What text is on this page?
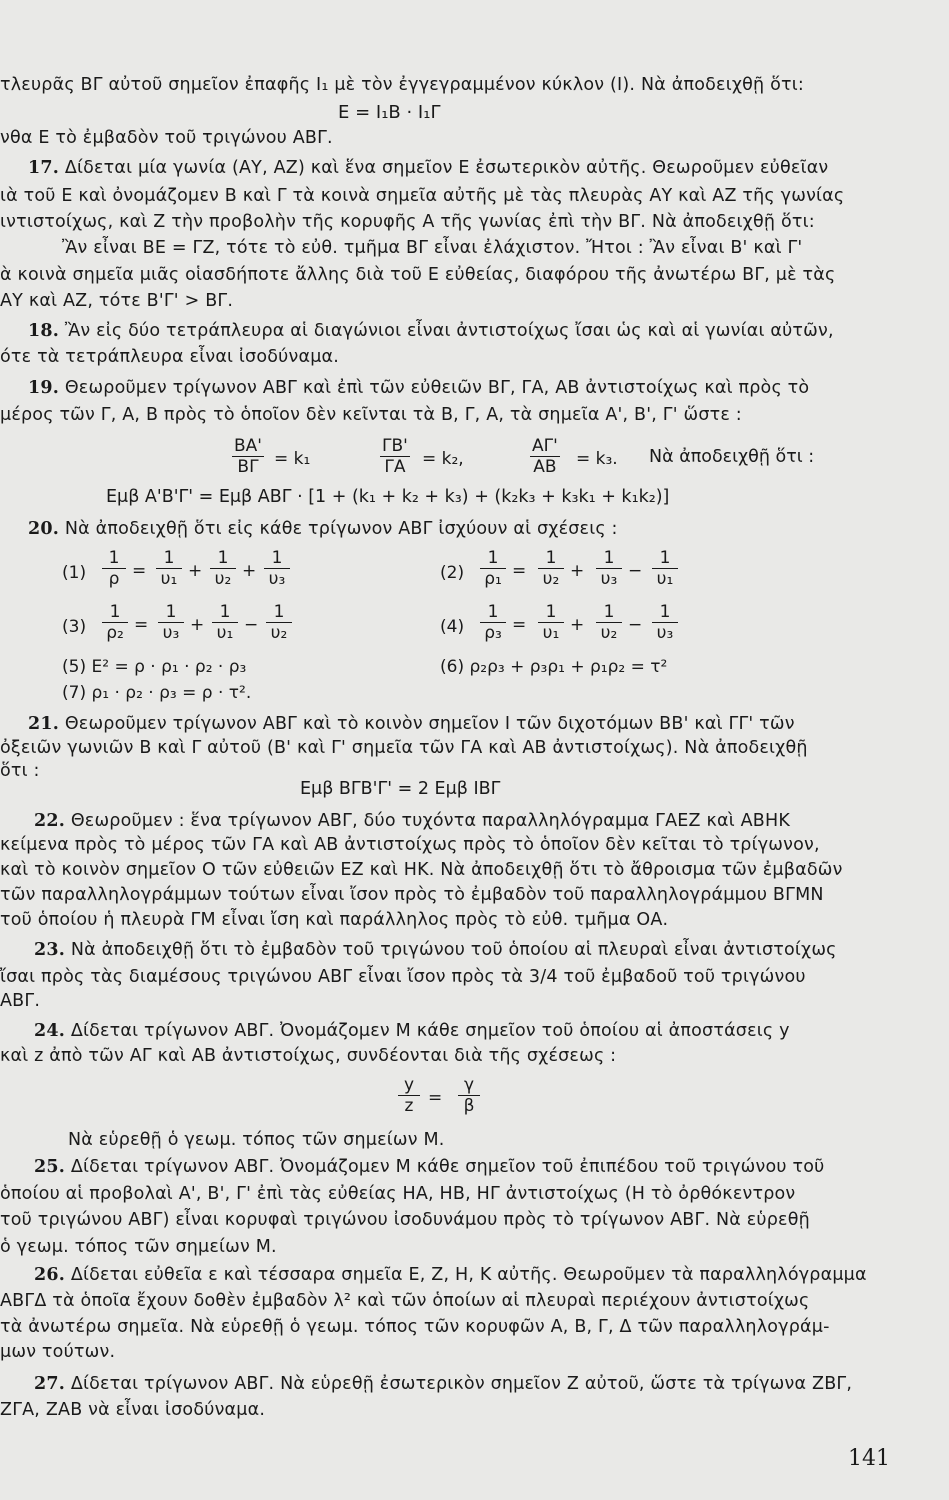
τλευρᾶς ΒΓ αὐτοῦ σημεῖον ἐπαφῆς Ι₁ μὲ τὸν ἐγγεγραμμένον κύκλον (Ι). Νὰ ἀποδειχθῇ ὅτι:
E = Ι₁Β · Ι₁Γ
νθα Ε τὸ ἐμβαδὸν τοῦ τριγώνου ΑΒΓ.
17. Δίδεται μία γωνία (ΑΥ, ΑΖ) καὶ ἕνα σημεῖον Ε ἐσωτερικὸν αὐτῆς. Θεωροῦμεν εὐθεῖαν
ιὰ τοῦ Ε καὶ ὀνομάζομεν Β καὶ Γ τὰ κοινὰ σημεῖα αὐτῆς μὲ τὰς πλευρὰς ΑΥ καὶ ΑΖ τῆς γωνίας
ιντιστοίχως, καὶ Ζ τὴν προβολὴν τῆς κορυφῆς Α τῆς γωνίας ἐπὶ τὴν ΒΓ. Νὰ ἀποδειχθῇ ὅτι:
Ἂν εἶναι ΒΕ = ΓΖ, τότε τὸ εὐθ. τμῆμα ΒΓ εἶναι ἐλάχιστον. Ἤτοι : Ἂν εἶναι Β' καὶ Γ'
ὰ κοινὰ σημεῖα μιᾶς οἱασδήποτε ἄλλης διὰ τοῦ Ε εὐθείας, διαφόρου τῆς ἀνωτέρω ΒΓ, μὲ τὰς
ΑΥ καὶ ΑΖ, τότε Β'Γ' > ΒΓ.
18. Ἂν εἰς δύο τετράπλευρα αἱ διαγώνιοι εἶναι ἀντιστοίχως ἴσαι ὡς καὶ αἱ γωνίαι αὐτῶν,
ότε τὰ τετράπλευρα εἶναι ἰσοδύναμα.
19. Θεωροῦμεν τρίγωνον ΑΒΓ καὶ ἐπὶ τῶν εὐθειῶν ΒΓ, ΓΑ, ΑΒ ἀντιστοίχως καὶ πρὸς τὸ
μέρος τῶν Γ, Α, Β πρὸς τὸ ὁποῖον δὲν κεῖνται τὰ Β, Γ, Α, τὰ σημεῖα Α', Β', Γ' ὥστε :
$\frac{BA'}{B\Gamma} = k_1$	$\frac{\Gamma B'}{\Gamma A} = k_2$,	$\frac{A\Gamma'}{AB} = k_3$. Νὰ ἀποδειχθῇ ὅτι :
Εμβ Α'Β'Γ' = Εμβ ΑΒΓ · [1 + (k₁ + k₂ + k₃) + (k₂k₃ + k₃k₁ + k₁k₂)]
20. Νὰ ἀποδειχθῇ ὅτι εἰς κάθε τρίγωνον ΑΒΓ ἰσχύουν αἱ σχέσεις :
$(1) \frac{1}{\rho} = \frac{1}{\text{υ₁}} + \frac{1}{\text{υ₂}} + \frac{1}{\text{υ₃}}$	$(2) \frac{1}{\text{ρ₁}} = \frac{1}{\text{υ₂}} + \frac{1}{\text{υ₃}} - \frac{1}{\text{υ₁}}$
$(3) \frac{1}{\text{ρ₂}} = \frac{1}{\text{υ₃}} + \frac{1}{\text{υ₁}} - \frac{1}{\text{υ₂}}$	$(4) \frac{1}{\text{ρ₃}} = \frac{1}{\text{υ₁}} + \frac{1}{\text{υ₂}} - \frac{1}{\text{υ₃}}$
(5) E² = ρ · ρ₁ · ρ₂ · ρ₃	(6) ρ₂ρ₃ + ρ₃ρ₁ + ρ₁ρ₂ = τ²
(7) ρ₁ · ρ₂ · ρ₃ = ρ · τ².
21. Θεωροῦμεν τρίγωνον ΑΒΓ καὶ τὸ κοινὸν σημεῖον Ι τῶν διχοτόμων ΒΒ' καὶ ΓΓ' τῶν
ὀξειῶν γωνιῶν Β καὶ Γ αὐτοῦ (Β' καὶ Γ' σημεῖα τῶν ΓΑ καὶ ΑΒ ἀντιστοίχως). Νὰ ἀποδειχθῇ
ὅτι :
Εμβ ΒΓΒ'Γ' = 2 Εμβ ΙΒΓ
22. Θεωροῦμεν : ἕνα τρίγωνον ΑΒΓ, δύο τυχόντα παραλληλόγραμμα ΓΑΕΖ καὶ ΑΒΗΚ
κείμενα πρὸς τὸ μέρος τῶν ΓΑ καὶ ΑΒ ἀντιστοίχως πρὸς τὸ ὁποῖον δὲν κεῖται τὸ τρίγωνον,
καὶ τὸ κοινὸν σημεῖον Ο τῶν εὐθειῶν ΕΖ καὶ ΗΚ. Νὰ ἀποδειχθῇ ὅτι τὸ ἄθροισμα τῶν ἐμβαδῶν
τῶν παραλληλογράμμων τούτων εἶναι ἴσον πρὸς τὸ ἐμβαδὸν τοῦ παραλληλογράμμου ΒΓΜΝ
τοῦ ὁποίου ἡ πλευρὰ ΓΜ εἶναι ἴση καὶ παράλληλος πρὸς τὸ εὐθ. τμῆμα ΟΑ.
23. Νὰ ἀποδειχθῇ ὅτι τὸ ἐμβαδὸν τοῦ τριγώνου τοῦ ὁποίου αἱ πλευραὶ εἶναι ἀντιστοίχως
ἴσαι πρὸς τὰς διαμέσους τριγώνου ΑΒΓ εἶναι ἴσον πρὸς τὰ 3/4 τοῦ ἐμβαδοῦ τοῦ τριγώνου
ΑΒΓ.
24. Δίδεται τρίγωνον ΑΒΓ. Ὀνομάζομεν Μ κάθε σημεῖον τοῦ ὁποίου αἱ ἀποστάσεις y
καὶ z ἀπὸ τῶν ΑΓ καὶ ΑΒ ἀντιστοίχως, συνδέονται διὰ τῆς σχέσεως :
$\frac{y}{z} = \frac{\gamma}{\beta}$
Νὰ εὑρεθῇ ὁ γεωμ. τόπος τῶν σημείων Μ.
25. Δίδεται τρίγωνον ΑΒΓ. Ὀνομάζομεν Μ κάθε σημεῖον τοῦ ἐπιπέδου τοῦ τριγώνου τοῦ
ὁποίου αἱ προβολαὶ Α', Β', Γ' ἐπὶ τὰς εὐθείας ΗΑ, ΗΒ, ΗΓ ἀντιστοίχως (Η τὸ ὀρθόκεντρον
τοῦ τριγώνου ΑΒΓ) εἶναι κορυφαὶ τριγώνου ἰσοδυνάμου πρὸς τὸ τρίγωνον ΑΒΓ. Νὰ εὑρεθῇ
ὁ γεωμ. τόπος τῶν σημείων Μ.
26. Δίδεται εὐθεῖα ε καὶ τέσσαρα σημεῖα Ε, Ζ, Η, Κ αὐτῆς. Θεωροῦμεν τὰ παραλληλόγραμμα
ΑΒΓΔ τὰ ὁποῖα ἔχουν δοθὲν ἐμβαδὸν λ² καὶ τῶν ὁποίων αἱ πλευραὶ περιέχουν ἀντιστοίχως
τὰ ἀνωτέρω σημεῖα. Νὰ εὑρεθῇ ὁ γεωμ. τόπος τῶν κορυφῶν Α, Β, Γ, Δ τῶν παραλληλογράμ-
μων τούτων.
27. Δίδεται τρίγωνον ΑΒΓ. Νὰ εὑρεθῇ ἐσωτερικὸν σημεῖον Ζ αὐτοῦ, ὥστε τὰ τρίγωνα ΖΒΓ,
ΖΓΑ, ΖΑΒ νὰ εἶναι ἰσοδύναμα.
141
